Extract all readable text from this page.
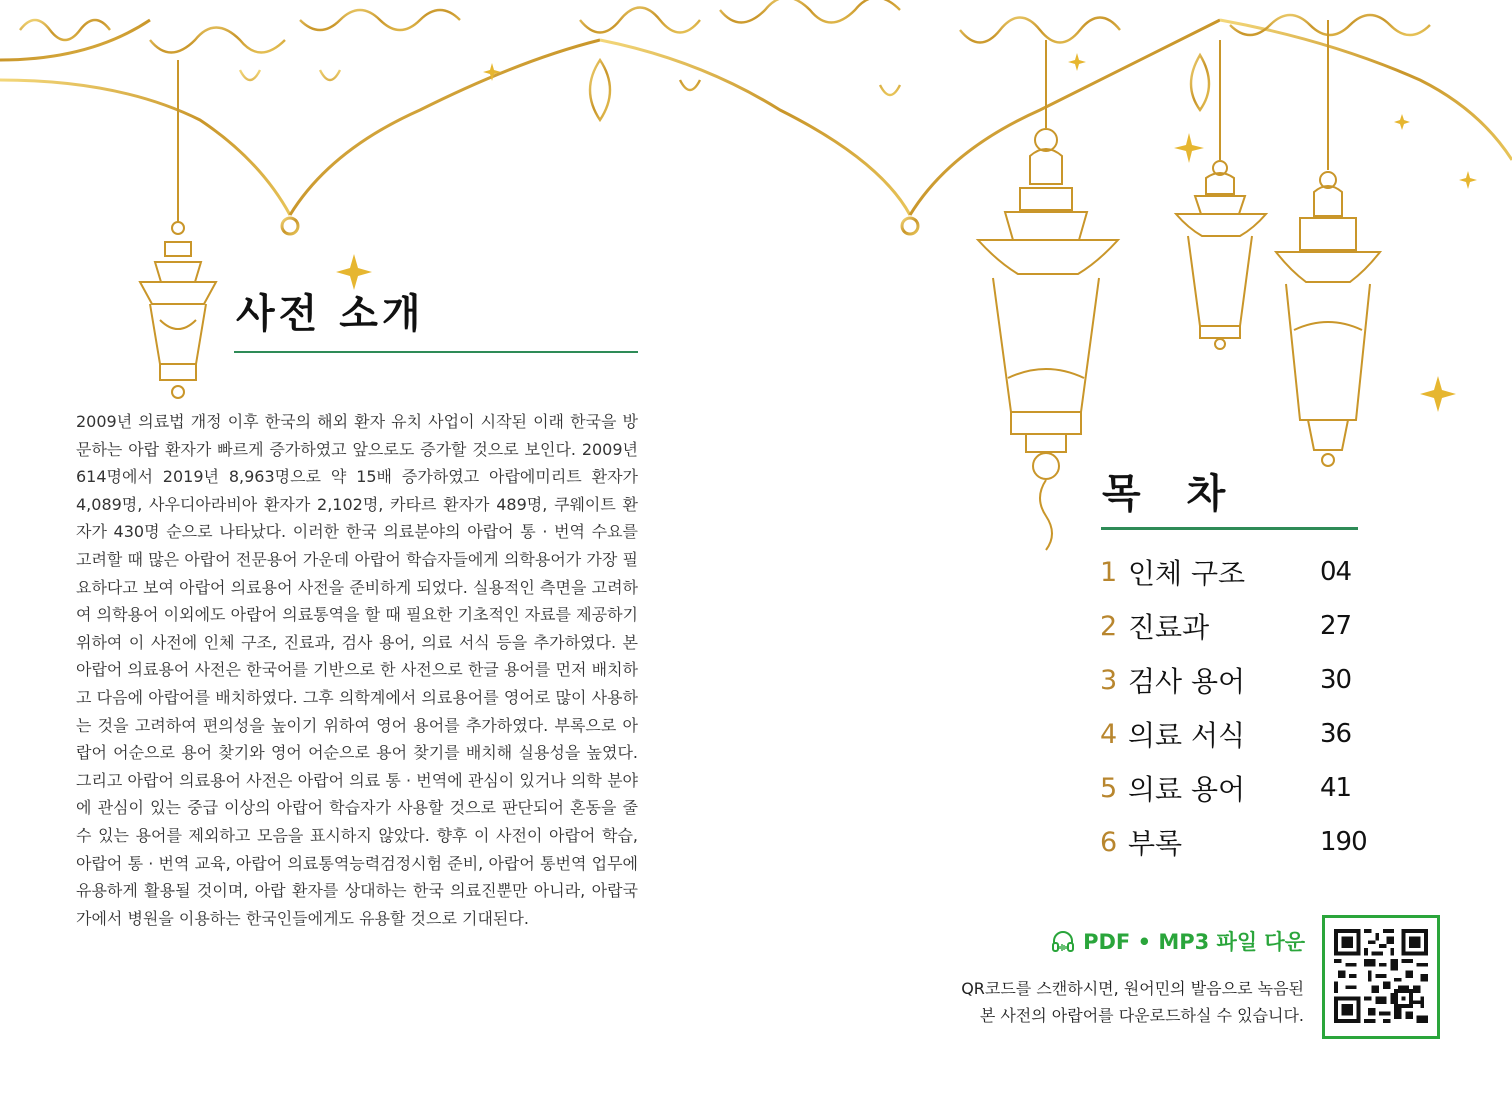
사전 소개

2009년 의료법 개정 이후 한국의 해외 환자 유치 사업이 시작된 이래 한국을 방문하는 아랍 환자가 빠르게 증가하였고 앞으로도 증가할 것으로 보인다. 2009년 614명에서 2019년 8,963명으로 약 15배 증가하였고 아랍에미리트 환자가 4,089명, 사우디아라비아 환자가 2,102명, 카타르 환자가 489명, 쿠웨이트 환자가 430명 순으로 나타났다. 이러한 한국 의료분야의 아랍어 통 · 번역 수요를 고려할 때 많은 아랍어 전문용어 가운데 아랍어 학습자들에게 의학용어가 가장 필요하다고 보여 아랍어 의료용어 사전을 준비하게 되었다. 실용적인 측면을 고려하여 의학용어 이외에도 아랍어 의료통역을 할 때 필요한 기초적인 자료를 제공하기 위하여 이 사전에 인체 구조, 진료과, 검사 용어, 의료 서식 등을 추가하였다. 본 아랍어 의료용어 사전은 한국어를 기반으로 한 사전으로 한글 용어를 먼저 배치하고 다음에 아랍어를 배치하였다. 그후 의학계에서 의료용어를 영어로 많이 사용하는 것을 고려하여 편의성을 높이기 위하여 영어 용어를 추가하였다. 부록으로 아랍어 어순으로 용어 찾기와 영어 어순으로 용어 찾기를 배치해 실용성을 높였다. 그리고 아랍어 의료용어 사전은 아랍어 의료 통 · 번역에 관심이 있거나 의학 분야에 관심이 있는 중급 이상의 아랍어 학습자가 사용할 것으로 판단되어 혼동을 줄 수 있는 용어를 제외하고 모음을 표시하지 않았다. 향후 이 사전이 아랍어 학습, 아랍어 통 · 번역 교육, 아랍어 의료통역능력검정시험 준비, 아랍어 통번역 업무에 유용하게 활용될 것이며, 아랍 환자를 상대하는 한국 의료진뿐만 아니라, 아랍국가에서 병원을 이용하는 한국인들에게도 유용할 것으로 기대된다.

목 차
1 인체 구조	04
2 진료과	27
3 검사 용어	30
4 의료 서식	36
5 의료 용어	41
6 부록	190
PDF • MP3 파일 다운
QR코드를 스캔하시면, 원어민의 발음으로 녹음된
본 사전의 아랍어를 다운로드하실 수 있습니다.
